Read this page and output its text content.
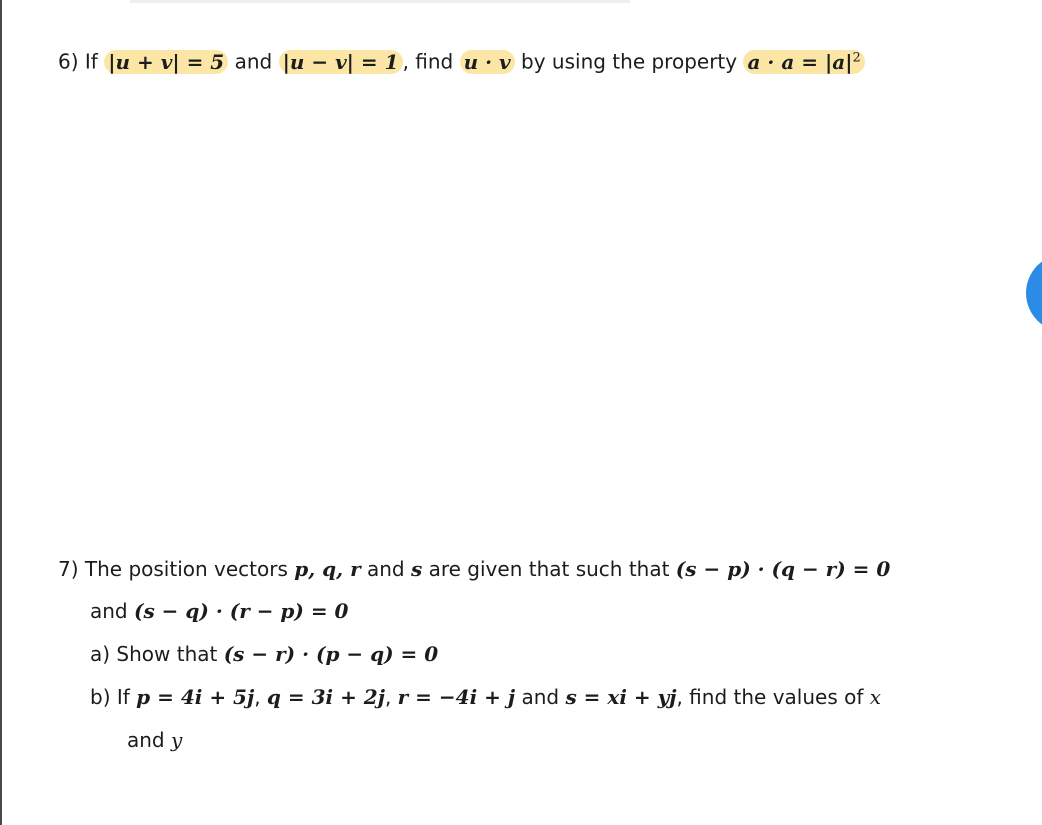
6) If |u + v| = 5 and |u − v| = 1 , find u · v by using the property $a \cdot a = |a|^2$
7) The position vectors p, q, r and s are given that such that (s − p) · (q − r) = 0
and (s − q) · (r − p) = 0
a) Show that (s − r) · (p − q) = 0
b) If p = 4i + 5j, q = 3i + 2j, r = −4i + j and s = xi + yj, find the values of x
and y
